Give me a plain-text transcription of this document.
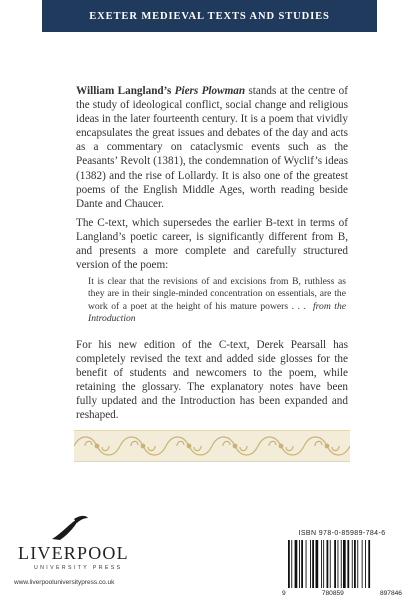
EXETER MEDIEVAL TEXTS AND STUDIES

William Langland’s Piers Plowman stands at the centre of the study of ideological conflict, social change and religious ideas in the later fourteenth century. It is a poem that vividly encapsulates the great issues and debates of the day and acts as a commentary on cataclysmic events such as the Peasants’ Revolt (1381), the condemnation of Wyclif’s ideas (1382) and the rise of Lollardy. It is also one of the greatest poems of the English Middle Ages, worth reading beside Dante and Chaucer.

The C-text, which supersedes the earlier B-text in terms of Langland’s poetic career, is significantly different from B, and presents a more complete and carefully structured version of the poem:

It is clear that the revisions of and excisions from B, ruthless as they are in their single-minded concentration on essentials, are the work of a poet at the height of his mature powers . . . from the Introduction

For his new edition of the C-text, Derek Pearsall has completely revised the text and added side glosses for the benefit of students and newcomers to the poem, while retaining the glossary. The explanatory notes have been fully updated and the Introduction has been expanded and reshaped.

LIVERPOOL
UNIVERSITY PRESS
www.liverpooluniversitypress.co.uk
ISBN 978-0-85989-784-6
9	780859	897846
